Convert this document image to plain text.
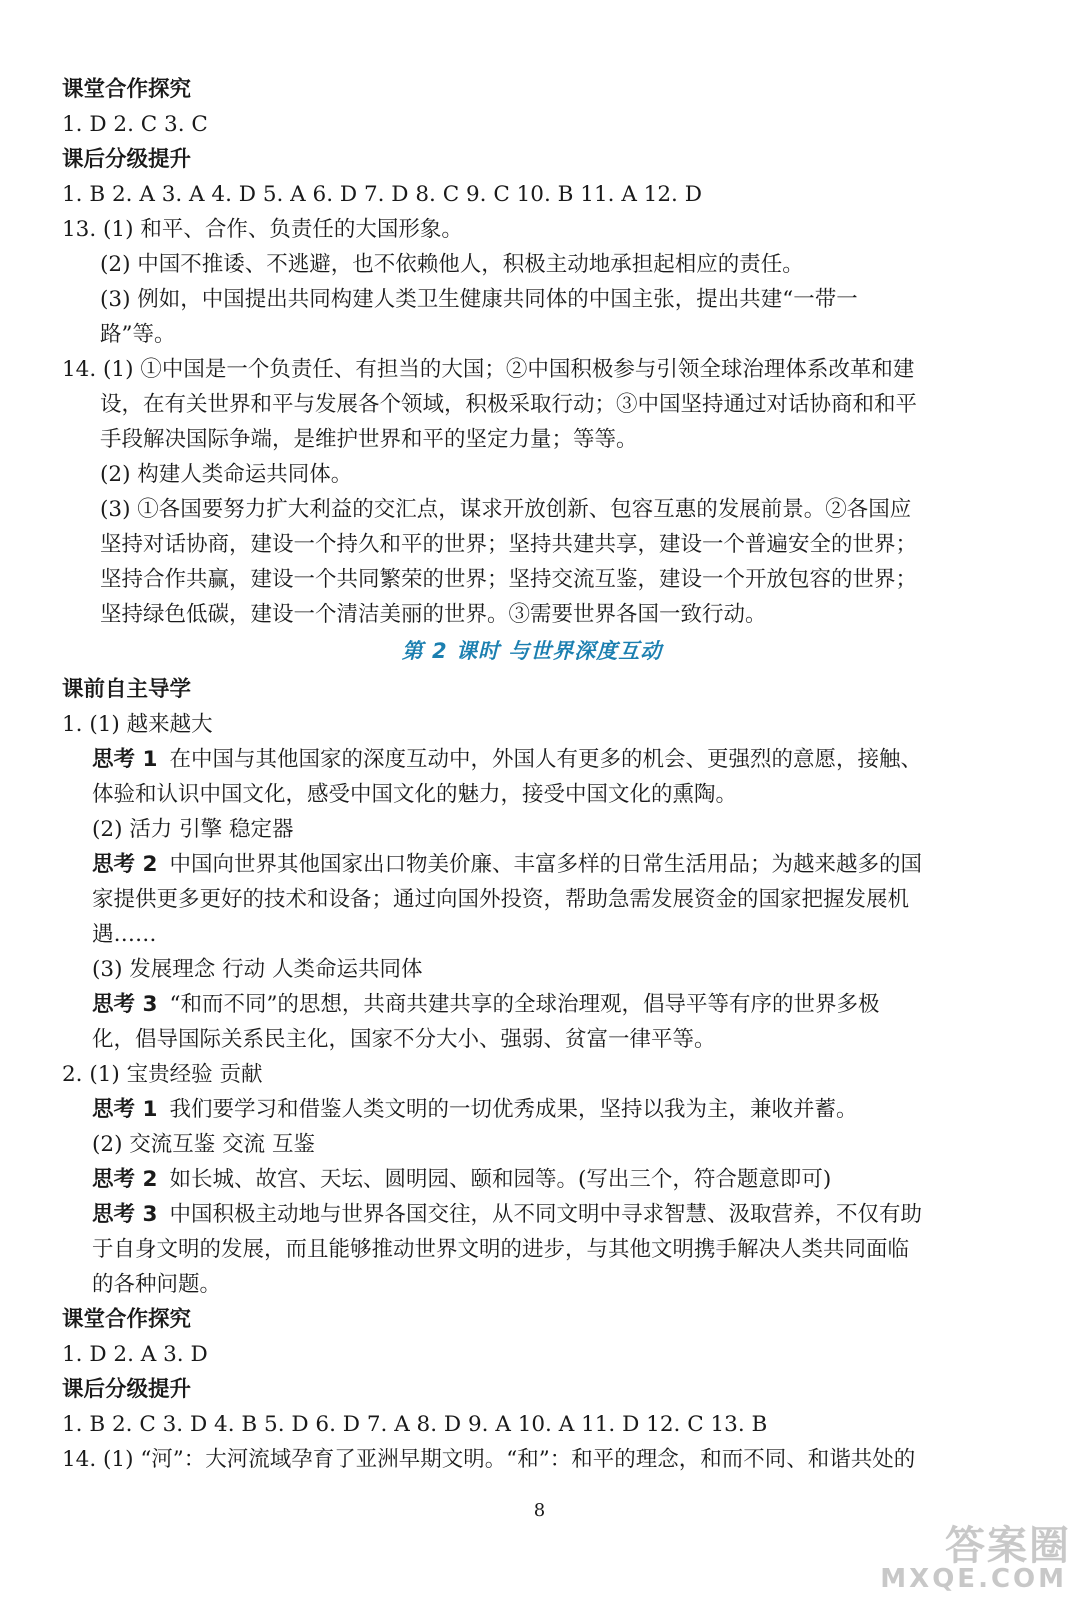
课堂合作探究
1. D 2. C 3. C
课后分级提升
1. B 2. A 3. A 4. D 5. A 6. D 7. D 8. C 9. C 10. B 11. A 12. D
13. (1) 和平、合作、负责任的大国形象。
(2) 中国不推诿、不逃避，也不依赖他人，积极主动地承担起相应的责任。
(3) 例如，中国提出共同构建人类卫生健康共同体的中国主张，提出共建“一带一
路”等。
14. (1) ①中国是一个负责任、有担当的大国；②中国积极参与引领全球治理体系改革和建
设，在有关世界和平与发展各个领域，积极采取行动；③中国坚持通过对话协商和和平
手段解决国际争端，是维护世界和平的坚定力量；等等。
(2) 构建人类命运共同体。
(3) ①各国要努力扩大利益的交汇点，谋求开放创新、包容互惠的发展前景。②各国应
坚持对话协商，建设一个持久和平的世界；坚持共建共享，建设一个普遍安全的世界；
坚持合作共赢，建设一个共同繁荣的世界；坚持交流互鉴，建设一个开放包容的世界；
坚持绿色低碳，建设一个清洁美丽的世界。③需要世界各国一致行动。
第 2 课时 与世界深度互动
课前自主导学
1. (1) 越来越大
思考 1 在中国与其他国家的深度互动中，外国人有更多的机会、更强烈的意愿，接触、
体验和认识中国文化，感受中国文化的魅力，接受中国文化的熏陶。
(2) 活力 引擎 稳定器
思考 2 中国向世界其他国家出口物美价廉、丰富多样的日常生活用品；为越来越多的国
家提供更多更好的技术和设备；通过向国外投资，帮助急需发展资金的国家把握发展机
遇……
(3) 发展理念 行动 人类命运共同体
思考 3 “和而不同”的思想，共商共建共享的全球治理观，倡导平等有序的世界多极
化，倡导国际关系民主化，国家不分大小、强弱、贫富一律平等。
2. (1) 宝贵经验 贡献
思考 1 我们要学习和借鉴人类文明的一切优秀成果，坚持以我为主，兼收并蓄。
(2) 交流互鉴 交流 互鉴
思考 2 如长城、故宫、天坛、圆明园、颐和园等。(写出三个，符合题意即可)
思考 3 中国积极主动地与世界各国交往，从不同文明中寻求智慧、汲取营养，不仅有助
于自身文明的发展，而且能够推动世界文明的进步，与其他文明携手解决人类共同面临
的各种问题。
课堂合作探究
1. D 2. A 3. D
课后分级提升
1. B 2. C 3. D 4. B 5. D 6. D 7. A 8. D 9. A 10. A 11. D 12. C 13. B
14. (1) “河”：大河流域孕育了亚洲早期文明。“和”：和平的理念，和而不同、和谐共处的
8
答案圈
MXQE.COM
